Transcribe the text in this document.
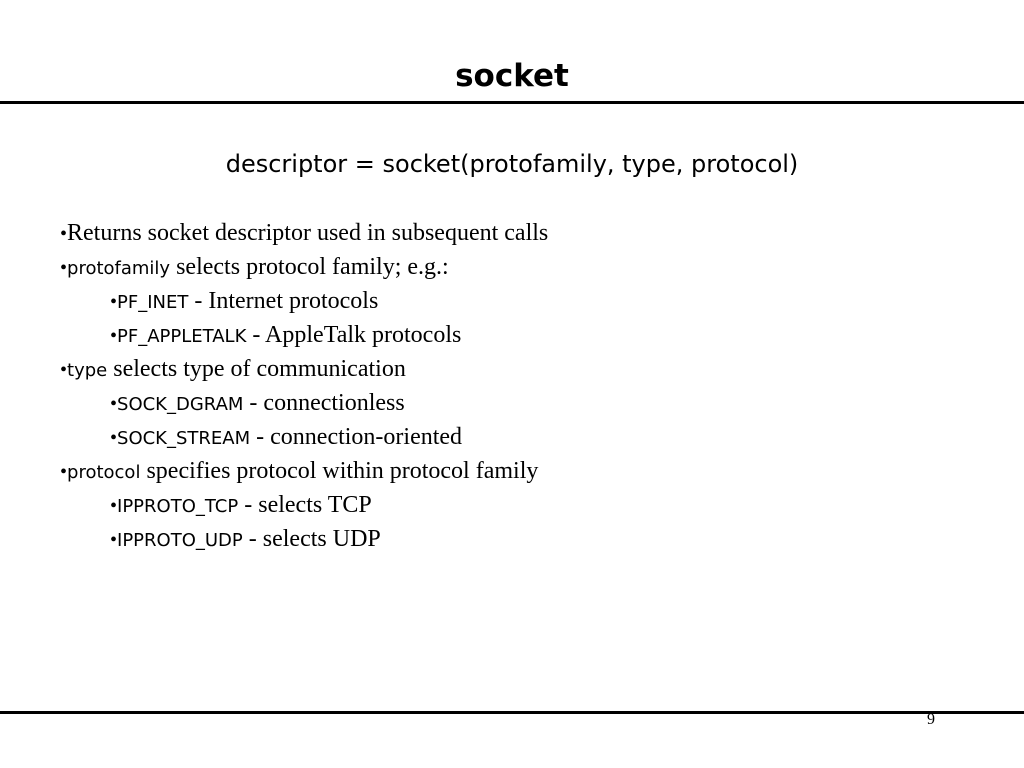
socket
descriptor = socket(protofamily, type, protocol)
•Returns socket descriptor used in subsequent calls
•protofamily selects protocol family; e.g.:
•PF_INET - Internet protocols
•PF_APPLETALK - AppleTalk protocols
•type selects type of communication
•SOCK_DGRAM - connectionless
•SOCK_STREAM - connection-oriented
•protocol specifies protocol within protocol family
•IPPROTO_TCP - selects TCP
•IPPROTO_UDP - selects UDP
9
